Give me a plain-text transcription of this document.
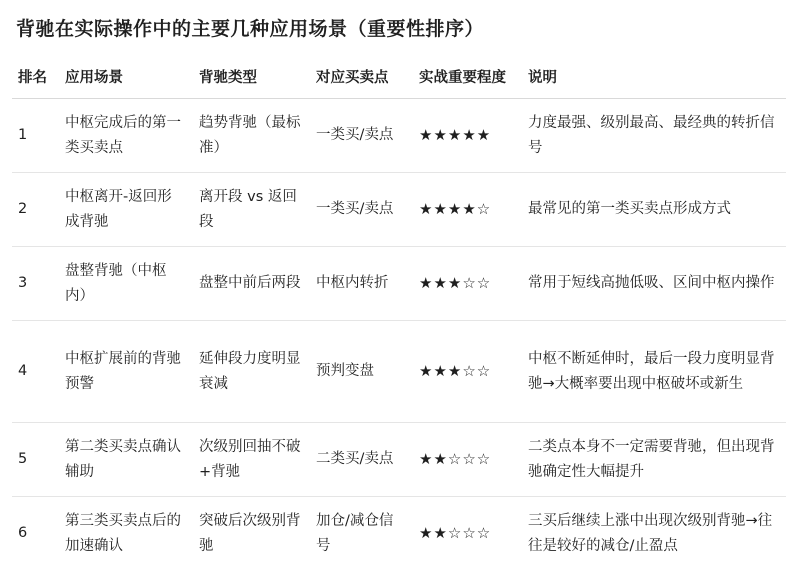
背驰在实际操作中的主要几种应用场景（重要性排序）
排名	应用场景	背驰类型	对应买卖点	实战重要程度	说明
1	中枢完成后的第一类买卖点	趋势背驰（最标准）	一类买/卖点	★★★★★	力度最强、级别最高、最经典的转折信号
2	中枢离开-返回形成背驰	离开段 vs 返回段	一类买/卖点	★★★★☆	最常见的第一类买卖点形成方式
3	盘整背驰（中枢内）	盘整中前后两段	中枢内转折	★★★☆☆	常用于短线高抛低吸、区间中枢内操作
4	中枢扩展前的背驰预警	延伸段力度明显衰减	预判变盘	★★★☆☆	中枢不断延伸时，最后一段力度明显背驰→大概率要出现中枢破坏或新生
5	第二类买卖点确认辅助	次级别回抽不破+背驰	二类买/卖点	★★☆☆☆	二类点本身不一定需要背驰，但出现背驰确定性大幅提升
6	第三类买卖点后的加速确认	突破后次级别背驰	加仓/减仓信号	★★☆☆☆	三买后继续上涨中出现次级别背驰→往往是较好的减仓/止盈点
